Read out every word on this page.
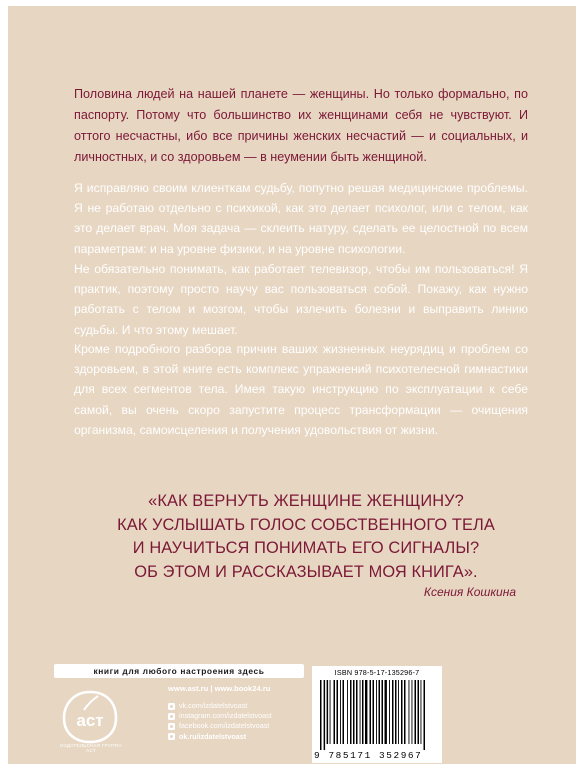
Половина людей на нашей планете — женщины. Но только формально, по паспорту. Потому что большинство их женщинами себя не чувствуют. И оттого несчастны, ибо все причины женских несчастий — и социальных, и личностных, и со здоровьем — в неумении быть женщиной.

Я исправляю своим клиенткам судьбу, попутно решая медицинские проблемы. Я не работаю отдельно с психикой, как это делает психолог, или с телом, как это делает врач. Моя задача — склеить натуру, сделать ее целостной по всем параметрам: и на уровне физики, и на уровне психологии.

Не обязательно понимать, как работает телевизор, чтобы им пользоваться! Я практик, поэтому просто научу вас пользоваться собой. Покажу, как нужно работать с телом и мозгом, чтобы излечить болезни и выправить линию судьбы. И что этому мешает.

Кроме подробного разбора причин ваших жизненных неурядиц и проблем со здоровьем, в этой книге есть комплекс упражнений психотелесной гимнастики для всех сегментов тела. Имея такую инструкцию по эксплуатации к себе самой, вы очень скоро запустите процесс трансформации — очищения организма, самоисцеления и получения удовольствия от жизни.

«КАК ВЕРНУТЬ ЖЕНЩИНЕ ЖЕНЩИНУ?
КАК УСЛЫШАТЬ ГОЛОС СОБСТВЕННОГО ТЕЛА
И НАУЧИТЬСЯ ПОНИМАТЬ ЕГО СИГНАЛЫ?
ОБ ЭТОМ И РАССКАЗЫВАЕТ МОЯ КНИГА».
Ксения Кошкина
книги для любого настроения здесь
аст
ИЗДАТЕЛЬСКАЯ ГРУППА АСТ
www.ast.ru | www.book24.ru
vk.com/izdatelstvoast
instagram.com/izdatelstvoast
facebook.com/izdatelstvoast
ok.ru/izdatelstvoast
ISBN 978-5-17-135296-7
9 785171 352967
